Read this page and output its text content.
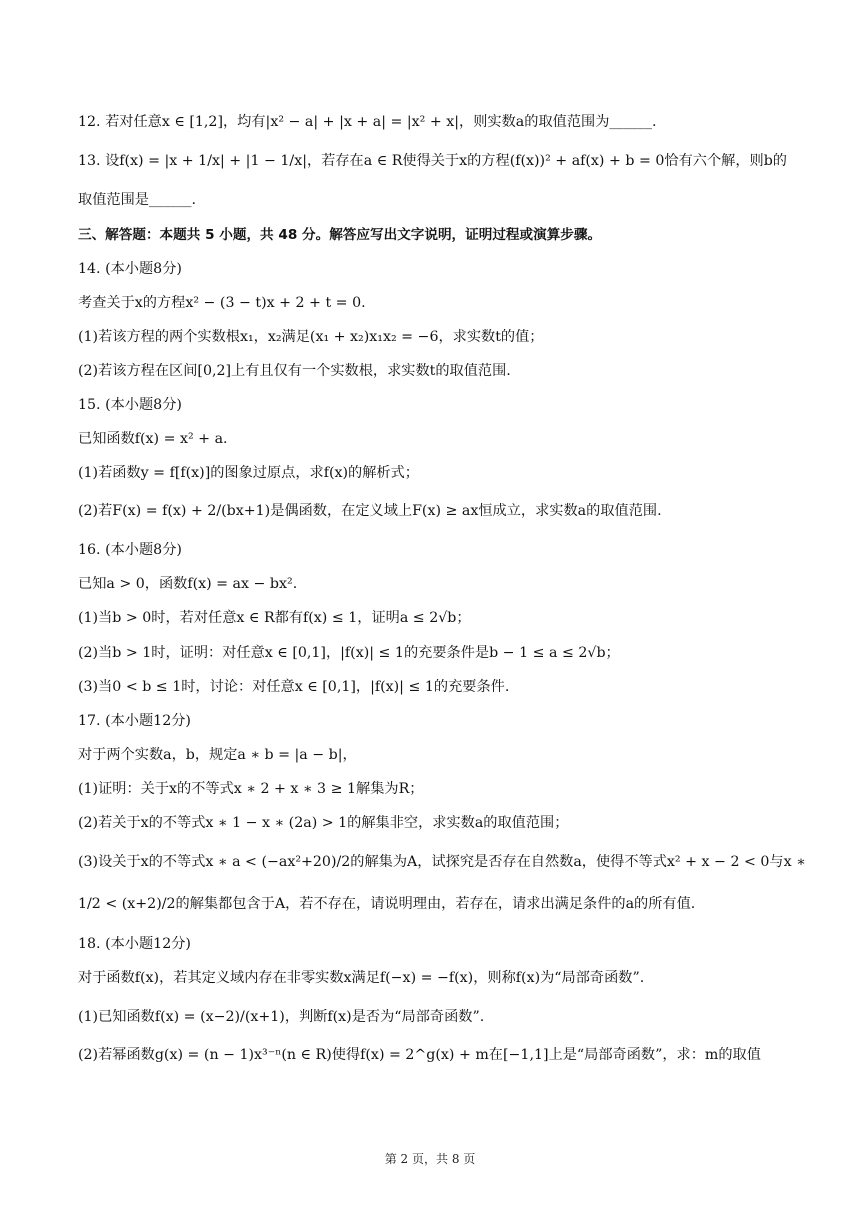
12. 若对任意x ∈ [1,2]，均有|x² − a| + |x + a| = |x² + x|，则实数a的取值范围为______.
13. 设f(x) = |x + 1/x| + |1 − 1/x|，若存在a ∈ R使得关于x的方程(f(x))² + af(x) + b = 0恰有六个解，则b的
取值范围是______.
三、解答题：本题共 5 小题，共 48 分。解答应写出文字说明，证明过程或演算步骤。
14. (本小题8分)
考查关于x的方程x² − (3 − t)x + 2 + t = 0.
(1)若该方程的两个实数根x₁，x₂满足(x₁ + x₂)x₁x₂ = −6，求实数t的值；
(2)若该方程在区间[0,2]上有且仅有一个实数根，求实数t的取值范围.
15. (本小题8分)
已知函数f(x) = x² + a.
(1)若函数y = f[f(x)]的图象过原点，求f(x)的解析式；
(2)若F(x) = f(x) + 2/(bx+1)是偶函数，在定义域上F(x) ≥ ax恒成立，求实数a的取值范围.
16. (本小题8分)
已知a > 0，函数f(x) = ax − bx².
(1)当b > 0时，若对任意x ∈ R都有f(x) ≤ 1，证明a ≤ 2√b；
(2)当b > 1时，证明：对任意x ∈ [0,1]，|f(x)| ≤ 1的充要条件是b − 1 ≤ a ≤ 2√b；
(3)当0 < b ≤ 1时，讨论：对任意x ∈ [0,1]，|f(x)| ≤ 1的充要条件.
17. (本小题12分)
对于两个实数a，b，规定a ∗ b = |a − b|，
(1)证明：关于x的不等式x ∗ 2 + x ∗ 3 ≥ 1解集为R；
(2)若关于x的不等式x ∗ 1 − x ∗ (2a) > 1的解集非空，求实数a的取值范围；
(3)设关于x的不等式x ∗ a < (−ax²+20)/2的解集为A，试探究是否存在自然数a，使得不等式x² + x − 2 < 0与x ∗
1/2 < (x+2)/2的解集都包含于A，若不存在，请说明理由，若存在，请求出满足条件的a的所有值.
18. (本小题12分)
对于函数f(x)，若其定义域内存在非零实数x满足f(−x) = −f(x)，则称f(x)为“局部奇函数”.
(1)已知函数f(x) = (x−2)/(x+1)，判断f(x)是否为“局部奇函数”.
(2)若幂函数g(x) = (n − 1)x³⁻ⁿ(n ∈ R)使得f(x) = 2^g(x) + m在[−1,1]上是“局部奇函数”，求：m的取值
第 2 页，共 8 页
